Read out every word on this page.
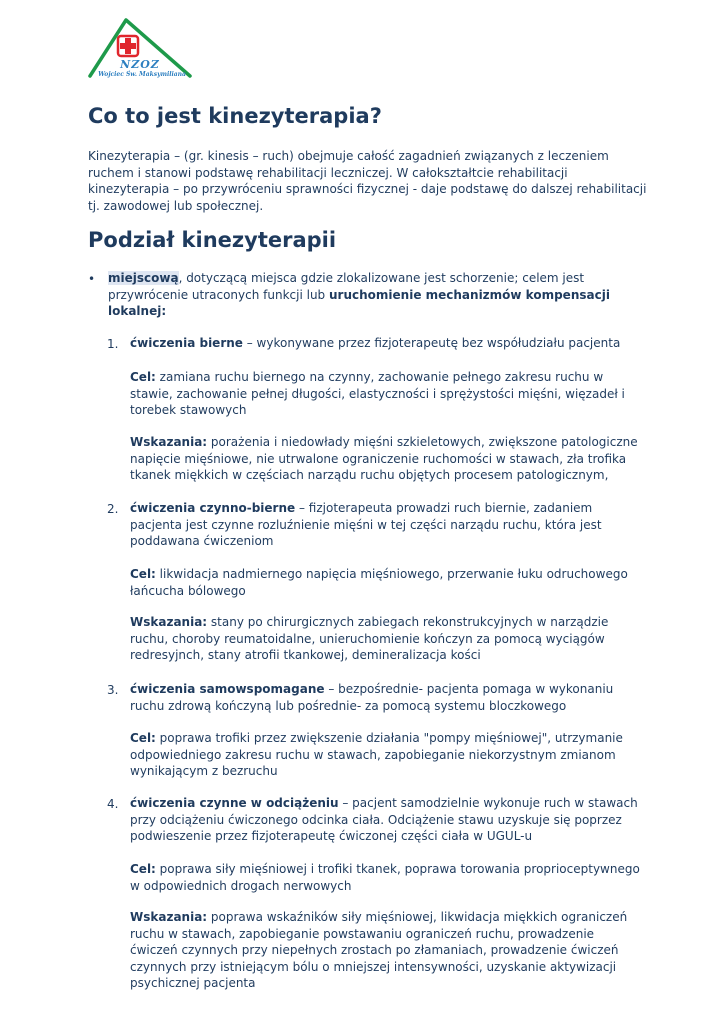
NZOZ
Wojciec Św. Maksymiliana
Co to jest kinezyterapia?

Kinezyterapia – (gr. kinesis – ruch) obejmuje całość zagadnień związanych z leczeniem ruchem i stanowi podstawę rehabilitacji leczniczej. W całokształtcie rehabilitacji kinezyterapia – po przywróceniu sprawności fizycznej - daje podstawę do dalszej rehabilitacji tj. zawodowej lub społecznej.

Podział kinezyterapii
• miejscową, dotyczącą miejsca gdzie zlokalizowane jest schorzenie; celem jest przywrócenie utraconych funkcji lub uruchomienie mechanizmów kompensacji lokalnej:
1. ćwiczenia bierne – wykonywane przez fizjoterapeutę bez współudziału pacjenta

Cel: zamiana ruchu biernego na czynny, zachowanie pełnego zakresu ruchu w stawie, zachowanie pełnej długości, elastyczności i sprężystości mięśni, więzadeł i torebek stawowych

Wskazania: porażenia i niedowłady mięśni szkieletowych, zwiększone patologiczne napięcie mięśniowe, nie utrwalone ograniczenie ruchomości w stawach, zła trofika tkanek miękkich w częściach narządu ruchu objętych procesem patologicznym,

2. ćwiczenia czynno-bierne – fizjoterapeuta prowadzi ruch biernie, zadaniem pacjenta jest czynne rozluźnienie mięśni w tej części narządu ruchu, która jest poddawana ćwiczeniom

Cel: likwidacja nadmiernego napięcia mięśniowego, przerwanie łuku odruchowego łańcucha bólowego

Wskazania: stany po chirurgicznych zabiegach rekonstrukcyjnych w narządzie ruchu, choroby reumatoidalne, unieruchomienie kończyn za pomocą wyciągów redresyjnch, stany atrofii tkankowej, demineralizacja kości

3. ćwiczenia samowspomagane – bezpośrednie- pacjenta pomaga w wykonaniu ruchu zdrową kończyną lub pośrednie- za pomocą systemu bloczkowego

Cel: poprawa trofiki przez zwiększenie działania "pompy mięśniowej", utrzymanie odpowiedniego zakresu ruchu w stawach, zapobieganie niekorzystnym zmianom wynikającym z bezruchu

4. ćwiczenia czynne w odciążeniu – pacjent samodzielnie wykonuje ruch w stawach przy odciążeniu ćwiczonego odcinka ciała. Odciążenie stawu uzyskuje się poprzez podwieszenie przez fizjoterapeutę ćwiczonej części ciała w UGUL-u

Cel: poprawa siły mięśniowej i trofiki tkanek, poprawa torowania proprioceptywnego w odpowiednich drogach nerwowych

Wskazania: poprawa wskaźników siły mięśniowej, likwidacja miękkich ograniczeń ruchu w stawach, zapobieganie powstawaniu ograniczeń ruchu, prowadzenie ćwiczeń czynnych przy niepełnych zrostach po złamaniach, prowadzenie ćwiczeń czynnych przy istniejącym bólu o mniejszej intensywności, uzyskanie aktywizacji psychicznej pacjenta
